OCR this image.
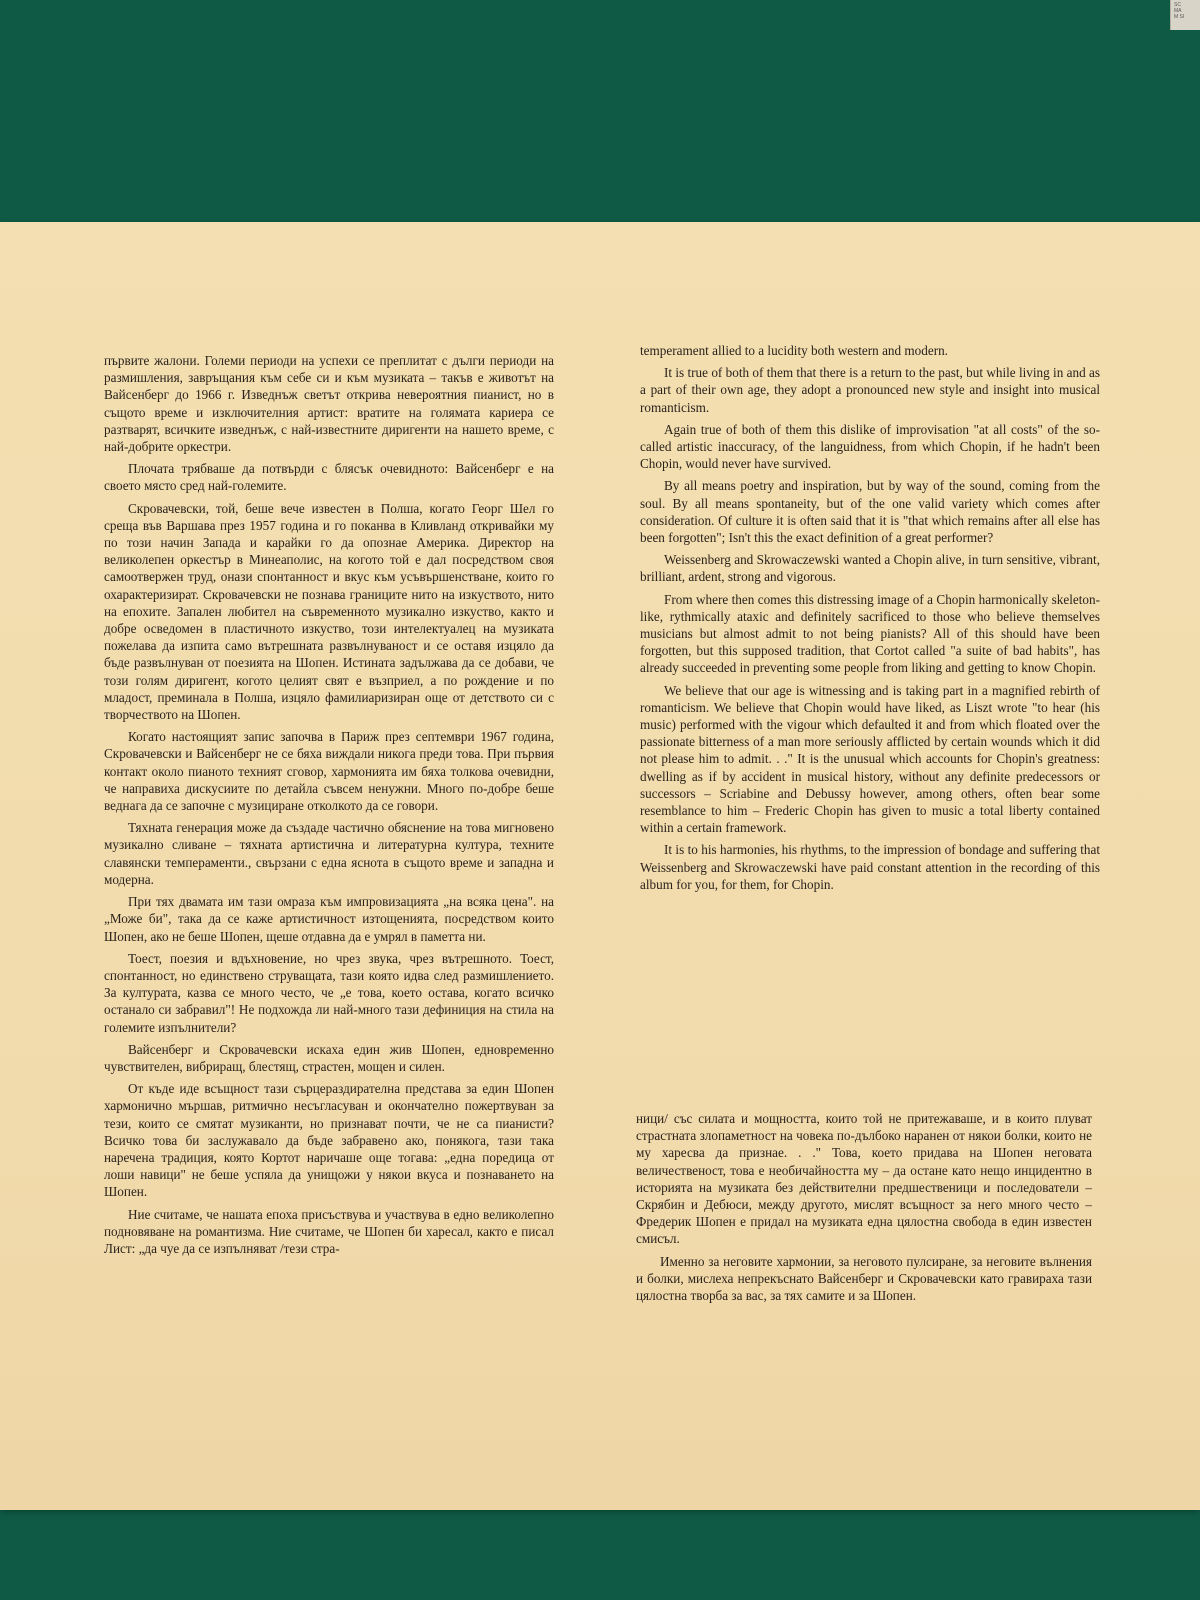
SC
MA
M SI

първите жалони. Големи периоди на успехи се преплитат с дълги периоди на размишления, завръщания към себе си и към музиката – такъв е животът на Вайсенберг до 1966 г. Изведнъж светът открива невероятния пианист, но в същото време и изключителния артист: вратите на голямата кариера се разтварят, всичките изведнъж, с най-известните диригенти на нашето време, с най-добрите оркестри.

Плочата трябваше да потвърди с блясък очевидното: Вайсенберг е на своето място сред най-големите.

Скровачевски, той, беше вече известен в Полша, когато Георг Шел го среща във Варшава през 1957 година и го поканва в Кливланд откривайки му по този начин Запада и карайки го да опознае Америка. Директор на великолепен оркестър в Минеаполис, на когото той е дал посредством своя самоотвержен труд, онази спонтанност и вкус към усъвършенстване, които го охарактеризират. Скровачевски не познава границите нито на изкуството, нито на епохите. Запален любител на съвременното музикално изкуство, както и добре осведомен в пластичното изкуство, този интелектуалец на музиката пожелава да изпита само вътрешната развълнуваност и се оставя изцяло да бъде развълнуван от поезията на Шопен. Истината задължава да се добави, че този голям диригент, когото целият свят е възприел, а по рождение и по младост, преминала в Полша, изцяло фамилиаризиран още от детството си с творчеството на Шопен.

Когато настоящият запис започва в Париж през септември 1967 година, Скровачевски и Вайсенберг не се бяха виждали никога преди това. При първия контакт около пианото техният сговор, хармонията им бяха толкова очевидни, че направиха дискусиите по детайла съвсем ненужни. Много по-добре беше веднага да се започне с музициране отколкото да се говори.

Тяхната генерация може да създаде частично обяснение на това мигновено музикално сливане – тяхната артистична и литературна култура, техните славянски темпераменти., свързани с една яснота в същото време и западна и модерна.

При тях двамата им тази омраза към импровизацията „на всяка цена". на „Може би", така да се каже артистичност изтощенията, посредством които Шопен, ако не беше Шопен, щеше отдавна да е умрял в паметта ни.

Тоест, поезия и вдъхновение, но чрез звука, чрез вътрешното. Тоест, спонтанност, но единствено струващата, тази която идва след размишлението. За културата, казва се много често, че „е това, което остава, когато всичко останало си забравил"! Не подхожда ли най-много тази дефиниция на стила на големите изпълнители?

Вайсенберг и Скровачевски искаха един жив Шопен, едновременно чувствителен, вибриращ, блестящ, страстен, мощен и силен.

От къде иде всъщност тази сърцераздирателна представа за един Шопен хармонично мършав, ритмично несъгласуван и окончателно пожертвуван за тези, които се смятат музиканти, но признават почти, че не са пианисти? Всичко това би заслужавало да бъде забравено ако, понякога, тази така наречена традиция, която Кортот наричаше още тогава: „една поредица от лоши навици" не беше успяла да унищожи у някои вкуса и познаването на Шопен.

Ние считаме, че нашата епоха присъствува и участвува в едно великолепно подновяване на романтизма. Ние считаме, че Шопен би харесал, както е писал Лист: „да чуе да се изпълняват /тези стра-

temperament allied to a lucidity both western and modern.

It is true of both of them that there is a return to the past, but while living in and as a part of their own age, they adopt a pronounced new style and insight into musical romanticism.

Again true of both of them this dislike of improvisation "at all costs" of the so-called artistic inaccuracy, of the languidness, from which Chopin, if he hadn't been Chopin, would never have survived.

By all means poetry and inspiration, but by way of the sound, coming from the soul. By all means spontaneity, but of the one valid variety which comes after consideration. Of culture it is often said that it is "that which remains after all else has been forgotten"; Isn't this the exact definition of a great performer?

Weissenberg and Skrowaczewski wanted a Chopin alive, in turn sensitive, vibrant, brilliant, ardent, strong and vigorous.

From where then comes this distressing image of a Chopin harmonically skeleton-like, rythmically ataxic and definitely sacrificed to those who believe themselves musicians but almost admit to not being pianists? All of this should have been forgotten, but this supposed tradition, that Cortot called "a suite of bad habits", has already succeeded in preventing some people from liking and getting to know Chopin.

We believe that our age is witnessing and is taking part in a magnified rebirth of romanticism. We believe that Chopin would have liked, as Liszt wrote "to hear (his music) performed with the vigour which defaulted it and from which floated over the passionate bitterness of a man more seriously afflicted by certain wounds which it did not please him to admit. . ." It is the unusual which accounts for Chopin's greatness: dwelling as if by accident in musical history, without any definite predecessors or successors – Scriabine and Debussy however, among others, often bear some resemblance to him – Frederic Chopin has given to music a total liberty contained within a certain framework.

It is to his harmonies, his rhythms, to the impression of bondage and suffering that Weissenberg and Skrowaczewski have paid constant attention in the recording of this album for you, for them, for Chopin.

ници/ със силата и мощността, които той не притежаваше, и в които плуват страстната злопаметност на човека по-дълбоко наранен от някои болки, които не му харесва да признае. . ." Това, което придава на Шопен неговата величественост, това е необичайността му – да остане като нещо инцидентно в историята на музиката без действителни предшественици и последователи – Скрябин и Дебюси, между другото, мислят всъщност за него много често – Фредерик Шопен е придал на музиката една цялостна свобода в един известен смисъл.

Именно за неговите хармонии, за неговото пулсиране, за неговите вълнения и болки, мислеха непрекъснато Вайсенберг и Скровачевски като гравираха тази цялостна творба за вас, за тях самите и за Шопен.
